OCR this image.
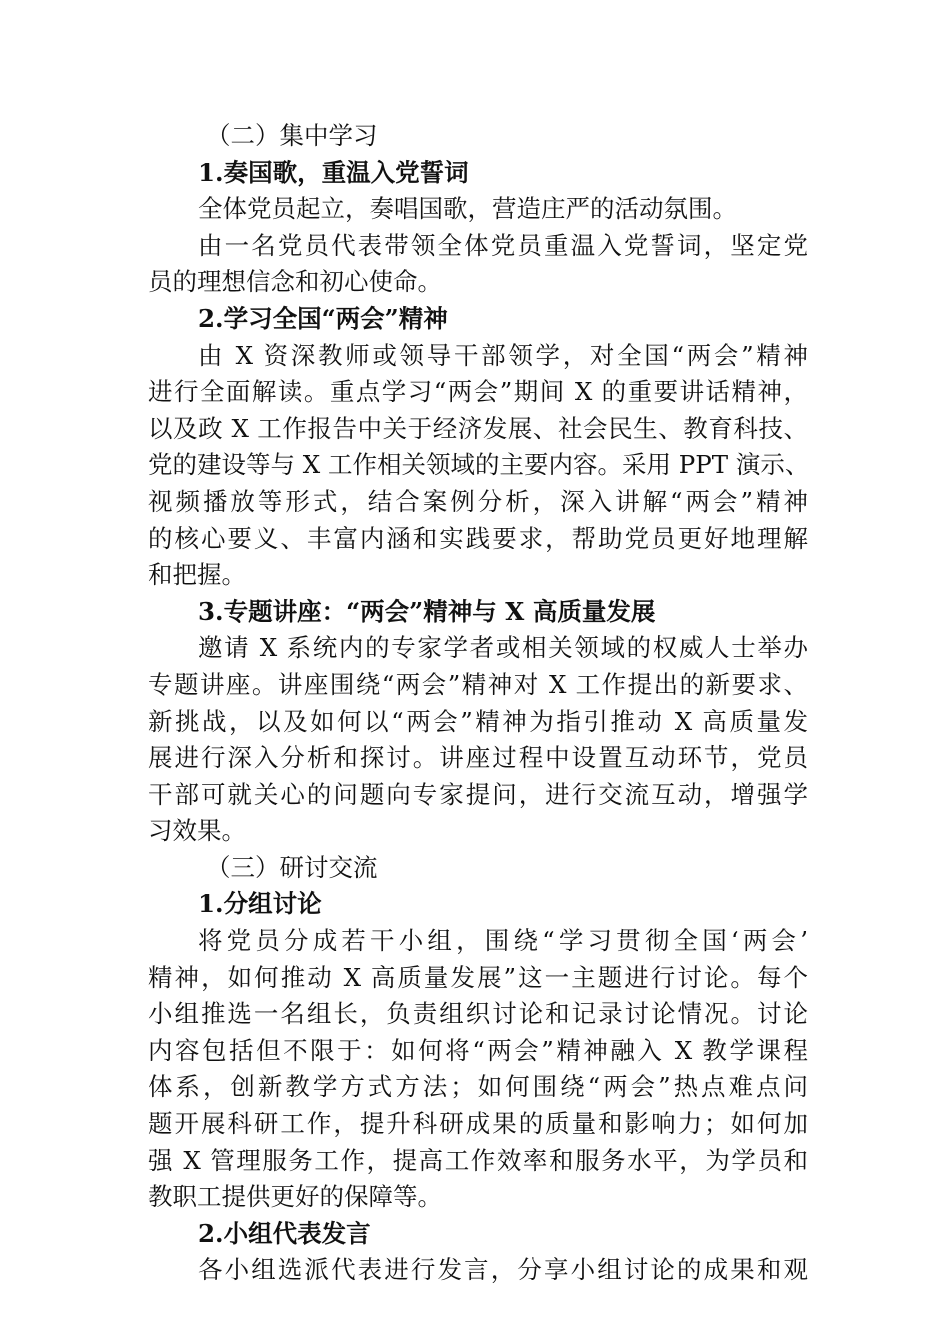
（二）集中学习
1.奏国歌，重温入党誓词
全体党员起立，奏唱国歌，营造庄严的活动氛围。
由一名党员代表带领全体党员重温入党誓词，坚定党
员的理想信念和初心使命。
2.学习全国“两会”精神
由 X 资深教师或领导干部领学，对全国“两会”精神
进行全面解读。重点学习“两会”期间 X 的重要讲话精神，
以及政 X 工作报告中关于经济发展、社会民生、教育科技、
党的建设等与 X 工作相关领域的主要内容。采用 PPT 演示、
视频播放等形式，结合案例分析，深入讲解“两会”精神
的核心要义、丰富内涵和实践要求，帮助党员更好地理解
和把握。
3.专题讲座：“两会”精神与 X 高质量发展
邀请 X 系统内的专家学者或相关领域的权威人士举办
专题讲座。讲座围绕“两会”精神对 X 工作提出的新要求、
新挑战，以及如何以“两会”精神为指引推动 X 高质量发
展进行深入分析和探讨。讲座过程中设置互动环节，党员
干部可就关心的问题向专家提问，进行交流互动，增强学
习效果。
（三）研讨交流
1.分组讨论
将党员分成若干小组，围绕“学习贯彻全国‘两会’
精神，如何推动 X 高质量发展”这一主题进行讨论。每个
小组推选一名组长，负责组织讨论和记录讨论情况。讨论
内容包括但不限于：如何将“两会”精神融入 X 教学课程
体系，创新教学方式方法；如何围绕“两会”热点难点问
题开展科研工作，提升科研成果的质量和影响力；如何加
强 X 管理服务工作，提高工作效率和服务水平，为学员和
教职工提供更好的保障等。
2.小组代表发言
各小组选派代表进行发言，分享小组讨论的成果和观
